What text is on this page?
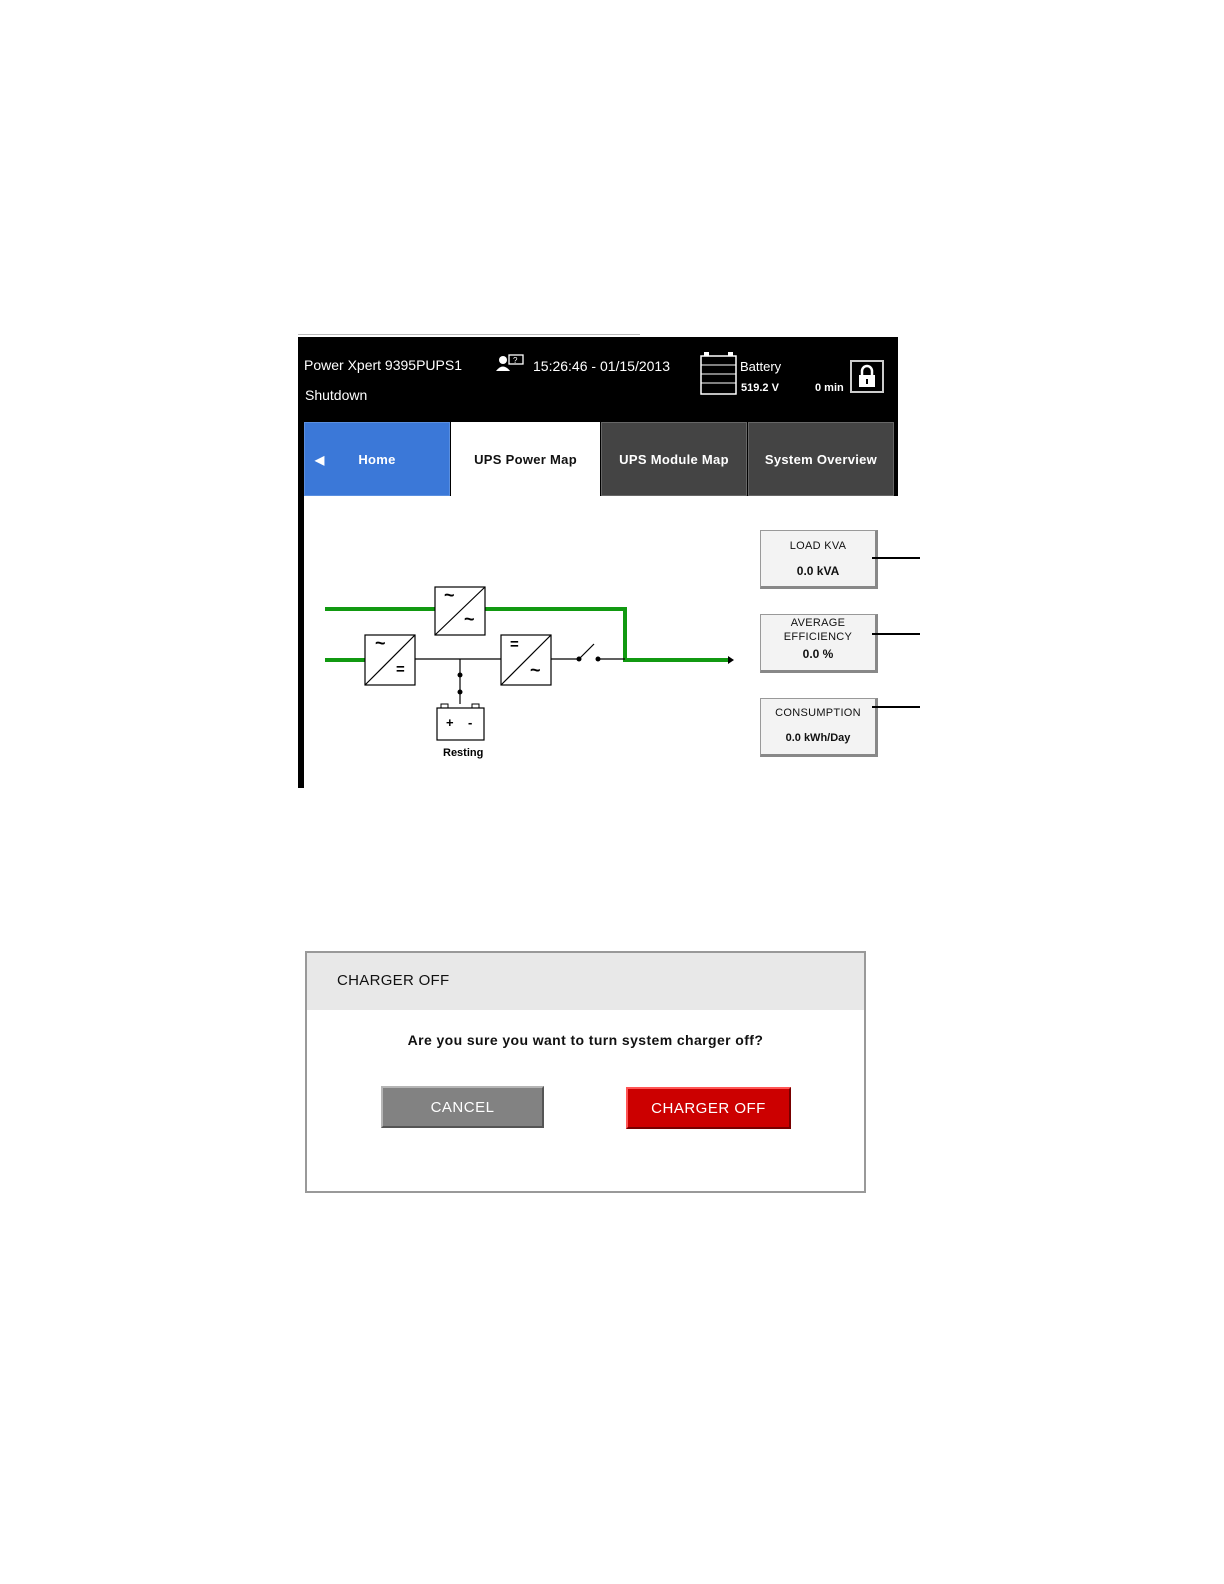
Power Xpert 9395PUPS1
Shutdown
? 15:26:46 - 01/15/2013	Battery
519.2 V	0 min
◀	Home	UPS Power Map	UPS Module Map	System Overview
~
~
~
=
=
~
+ -
Resting
LOAD KVA
0.0 kVA
AVERAGE
EFFICIENCY
0.0 %
CONSUMPTION
0.0 kWh/Day
CHARGER OFF
Are you sure you want to turn system charger off?
CANCEL	CHARGER OFF
